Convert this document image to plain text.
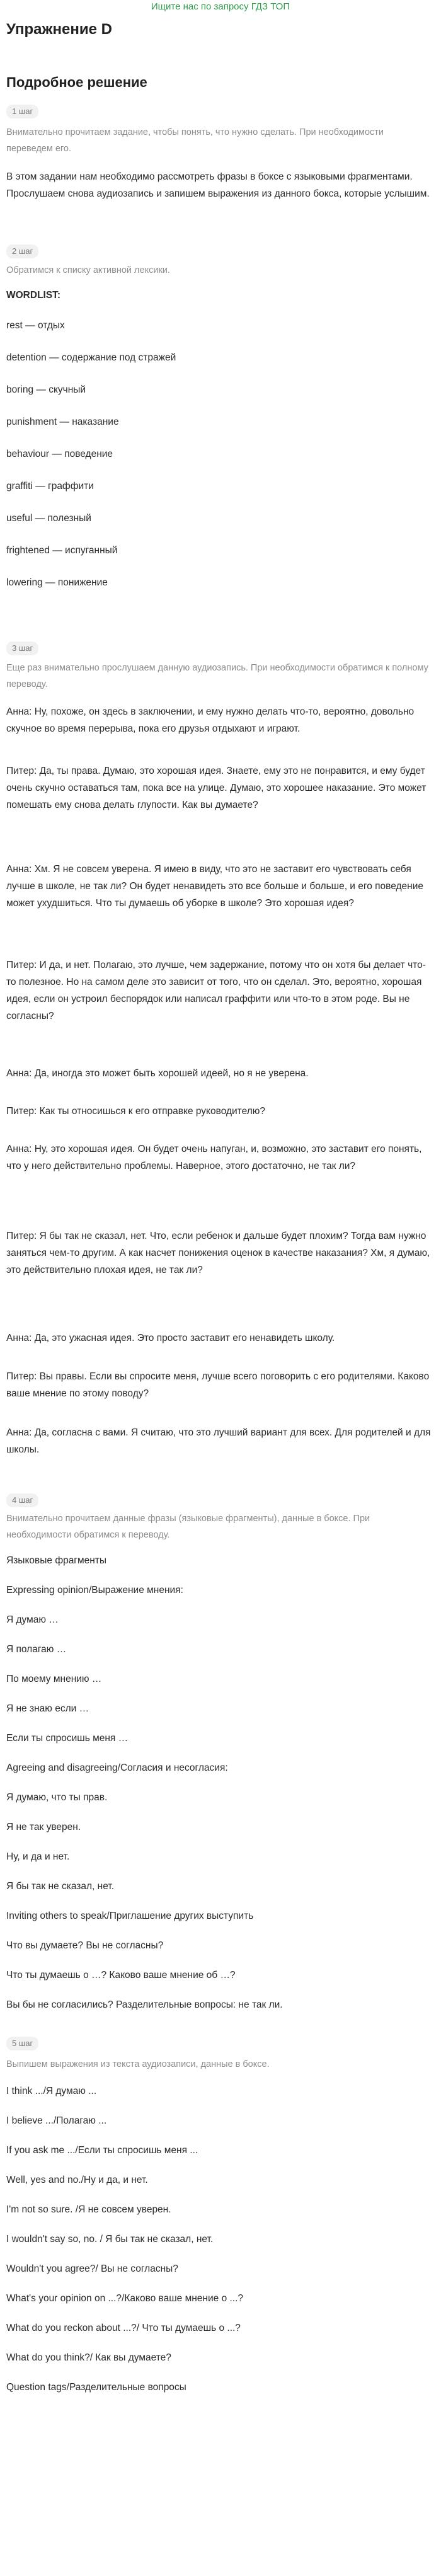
Ищите нас по запросу ГДЗ ТОП
Упражнение D
Подробное решение
1 шаг
Внимательно прочитаем задание, чтобы понять, что нужно сделать. При необходимости переведем его.
В этом задании нам необходимо рассмотреть фразы в боксе с языковыми фрагментами. Прослушаем снова аудиозапись и запишем выражения из данного бокса, которые услышим.
2 шаг
Обратимся к списку активной лексики.
WORDLIST:
rest — отдых
detention — содержание под стражей
boring — скучный
punishment — наказание
behaviour — поведение
graffiti — граффити
useful — полезный
frightened — испуганный
lowering — понижение
3 шаг
Еще раз внимательно прослушаем данную аудиозапись. При необходимости обратимся к полному переводу.
Анна: Ну, похоже, он здесь в заключении, и ему нужно делать что-то, вероятно, довольно скучное во время перерыва, пока его друзья отдыхают и играют.
Питер: Да, ты права. Думаю, это хорошая идея. Знаете, ему это не понравится, и ему будет очень скучно оставаться там, пока все на улице. Думаю, это хорошее наказание. Это может помешать ему снова делать глупости. Как вы думаете?
Анна: Хм. Я не совсем уверена. Я имею в виду, что это не заставит его чувствовать себя лучше в школе, не так ли? Он будет ненавидеть это все больше и больше, и его поведение может ухудшиться. Что ты думаешь об уборке в школе? Это хорошая идея?
Питер: И да, и нет. Полагаю, это лучше, чем задержание, потому что он хотя бы делает что-то полезное. Но на самом деле это зависит от того, что он сделал. Это, вероятно, хорошая идея, если он устроил беспорядок или написал граффити или что-то в этом роде. Вы не согласны?
Анна: Да, иногда это может быть хорошей идеей, но я не уверена.
Питер: Как ты относишься к его отправке руководителю?
Анна: Ну, это хорошая идея. Он будет очень напуган, и, возможно, это заставит его понять, что у него действительно проблемы. Наверное, этого достаточно, не так ли?
Питер: Я бы так не сказал, нет. Что, если ребенок и дальше будет плохим? Тогда вам нужно заняться чем-то другим. А как насчет понижения оценок в качестве наказания? Хм, я думаю, это действительно плохая идея, не так ли?
Анна: Да, это ужасная идея. Это просто заставит его ненавидеть школу.
Питер: Вы правы. Если вы спросите меня, лучше всего поговорить с его родителями. Каково ваше мнение по этому поводу?
Анна: Да, согласна с вами. Я считаю, что это лучший вариант для всех. Для родителей и для школы.
4 шаг
Внимательно прочитаем данные фразы (языковые фрагменты), данные в боксе. При необходимости обратимся к переводу.
Языковые фрагменты
Expressing opinion/Выражение мнения:
Я думаю …
Я полагаю …
По моему мнению …
Я не знаю если …
Если ты спросишь меня …
Agreeing and disagreeing/Согласия и несогласия:
Я думаю, что ты прав.
Я не так уверен.
Ну, и да и нет.
Я бы так не сказал, нет.
Inviting others to speak/Приглашение других выступить
Что вы думаете? Вы не согласны?
Что ты думаешь о …? Каково ваше мнение об …?
Вы бы не согласились? Разделительные вопросы: не так ли.
5 шаг
Выпишем выражения из текста аудиозаписи, данные в боксе.
I think .../Я думаю ...
I believe .../Полагаю ...
If you ask me .../Если ты спросишь меня ...
Well, yes and no./Ну и да, и нет.
I'm not so sure. /Я не совсем уверен.
I wouldn't say so, no. / Я бы так не сказал, нет.
Wouldn't you agree?/ Вы не согласны?
What's your opinion on ...?/Каково ваше мнение о ...?
What do you reckon about ...?/ Что ты думаешь о ...?
What do you think?/ Как вы думаете?
Question tags/Разделительные вопросы
